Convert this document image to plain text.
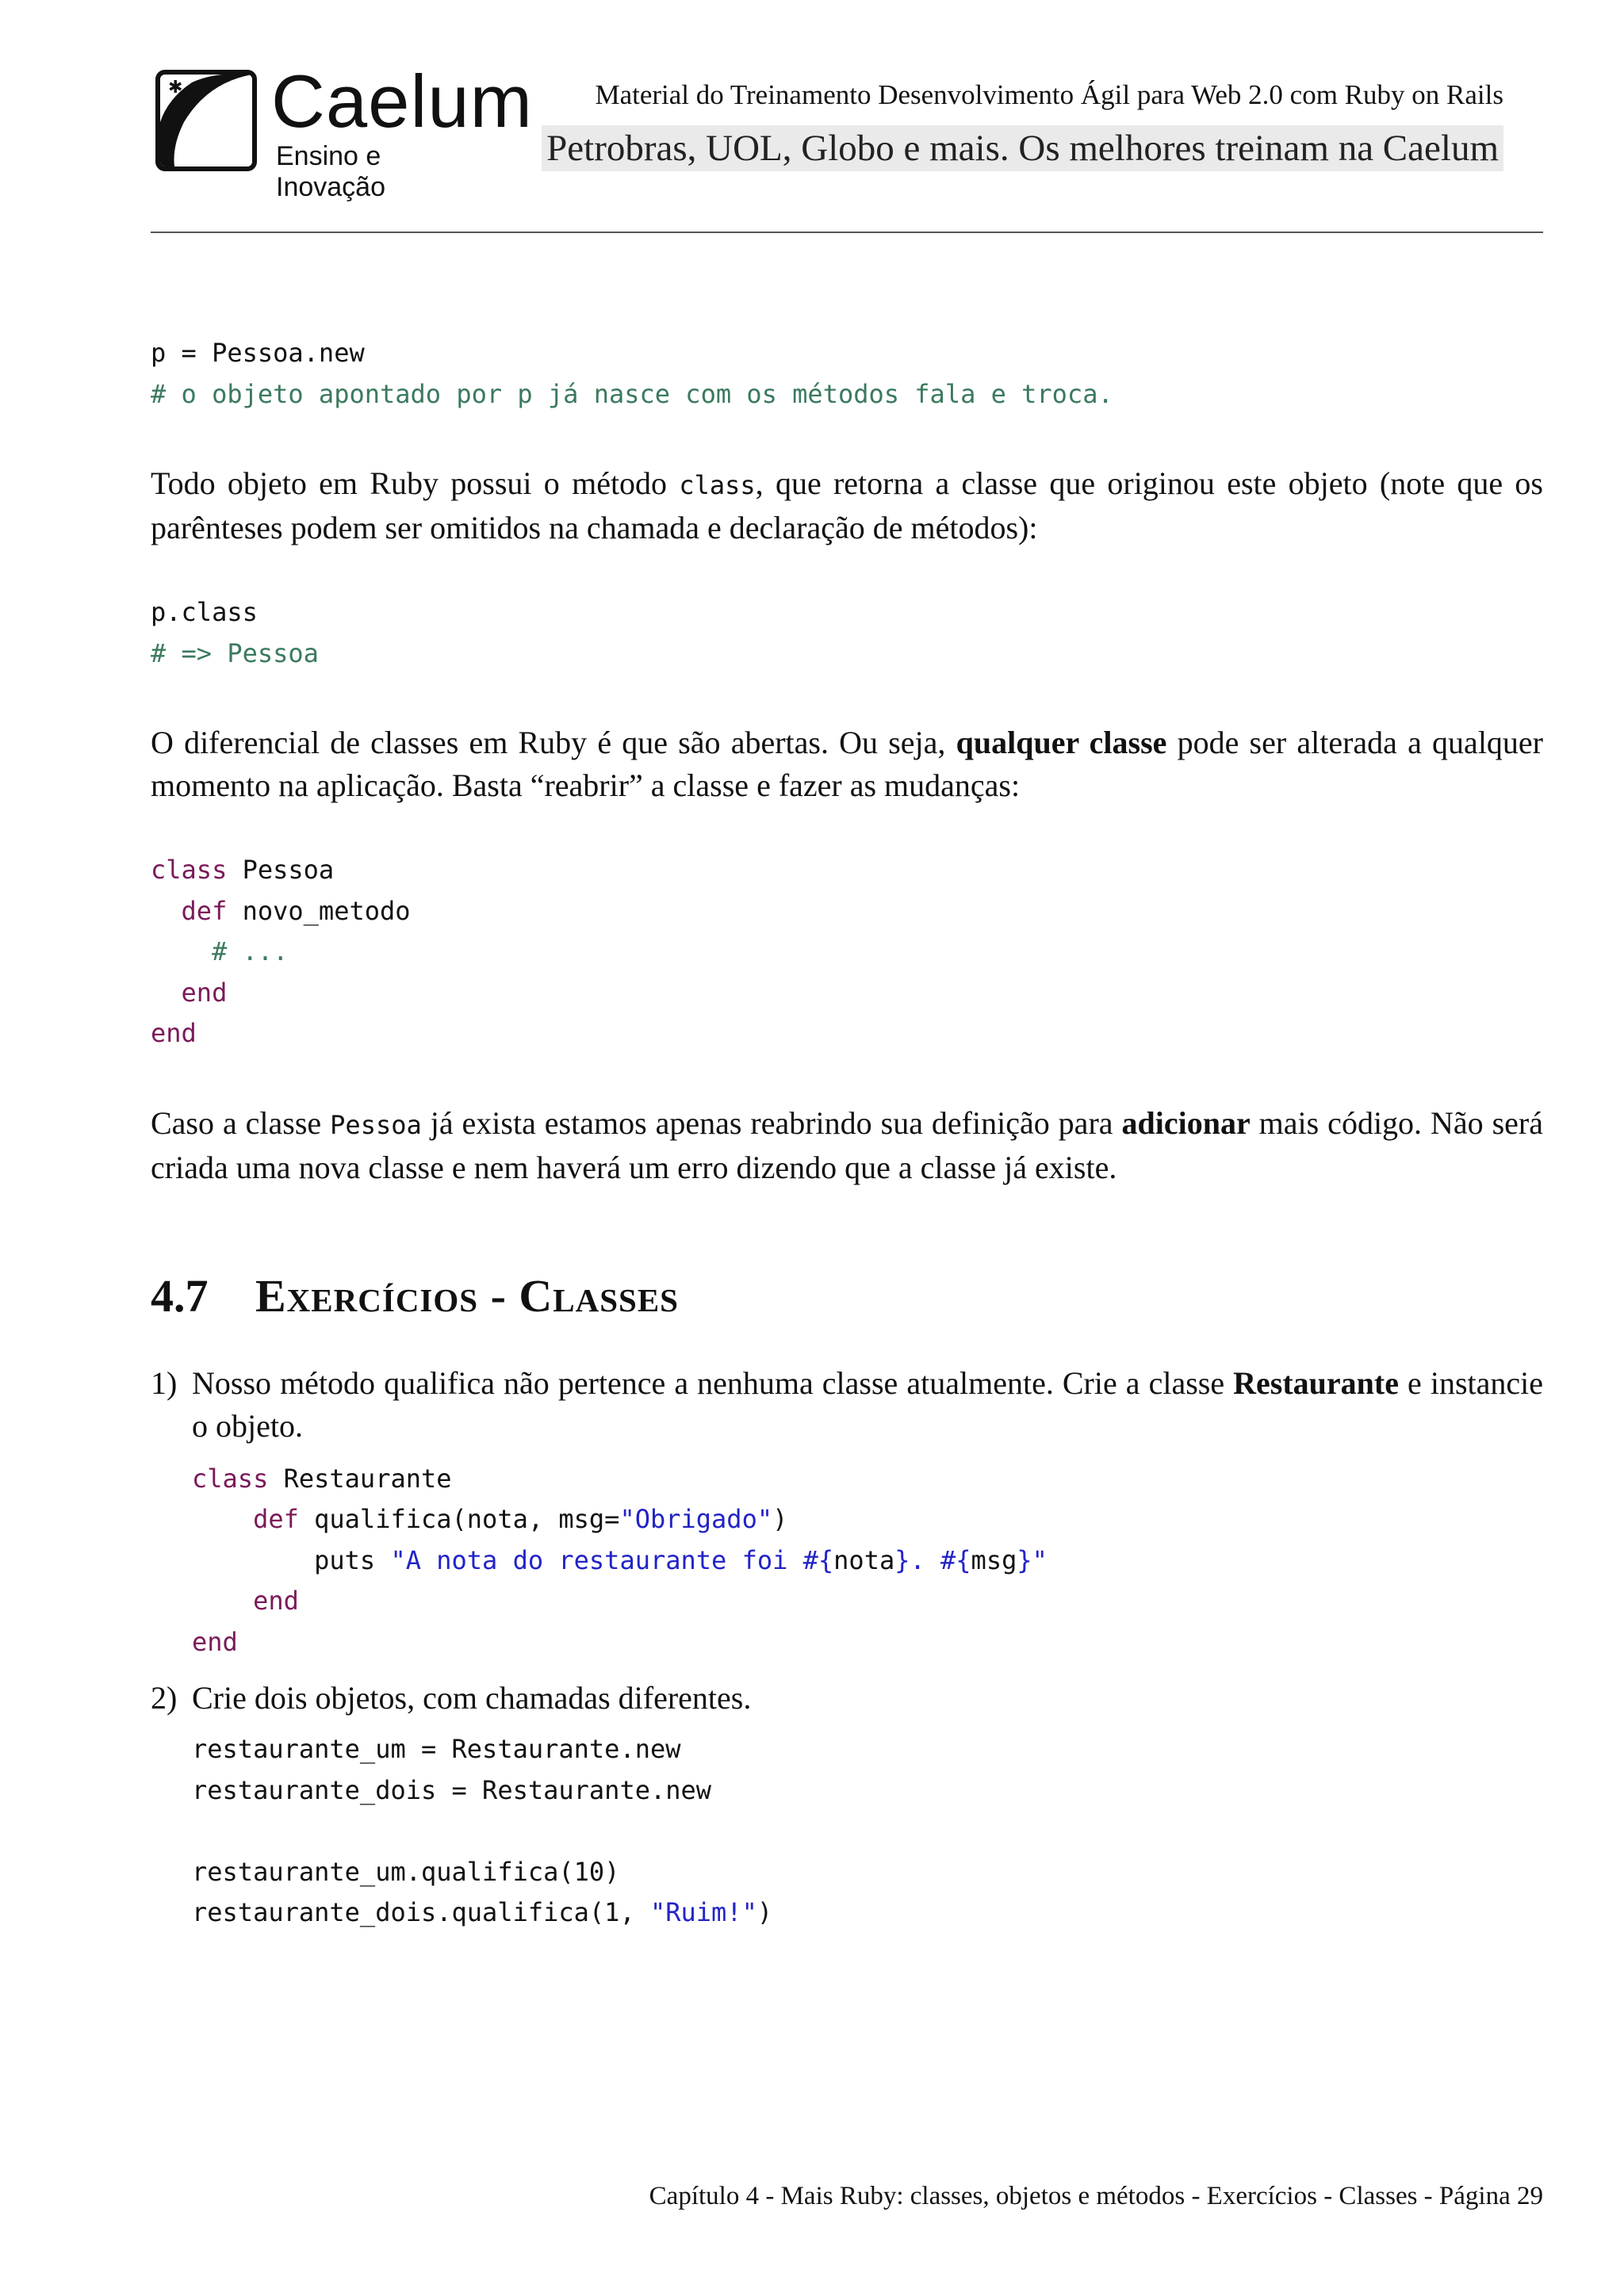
✱ Caelum
Ensino e Inovação
Material do Treinamento Desenvolvimento Ágil para Web 2.0 com Ruby on Rails
Petrobras, UOL, Globo e mais. Os melhores treinam na Caelum
p = Pessoa.new
# o objeto apontado por p já nasce com os métodos fala e troca.

Todo objeto em Ruby possui o método class, que retorna a classe que originou este objeto (note que os parênteses podem ser omitidos na chamada e declaração de métodos):

p.class
# => Pessoa

O diferencial de classes em Ruby é que são abertas. Ou seja, qualquer classe pode ser alterada a qualquer momento na aplicação. Basta “reabrir” a classe e fazer as mudanças:

class Pessoa
def novo_metodo
# ...
end
end

Caso a classe Pessoa já exista estamos apenas reabrindo sua definição para adicionar mais código. Não será criada uma nova classe e nem haverá um erro dizendo que a classe já existe.

4.7 Exercícios - Classes
1) Nosso método qualifica não pertence a nenhuma classe atualmente. Crie a classe Restaurante e instancie o objeto.

class Restaurante
def qualifica(nota, msg="Obrigado")
puts "A nota do restaurante foi #{nota}. #{msg}"
end
end
2) Crie dois objetos, com chamadas diferentes.

restaurante_um = Restaurante.new
restaurante_dois = Restaurante.new

restaurante_um.qualifica(10)
restaurante_dois.qualifica(1, "Ruim!")
Capítulo 4 - Mais Ruby: classes, objetos e métodos - Exercícios - Classes - Página 29
